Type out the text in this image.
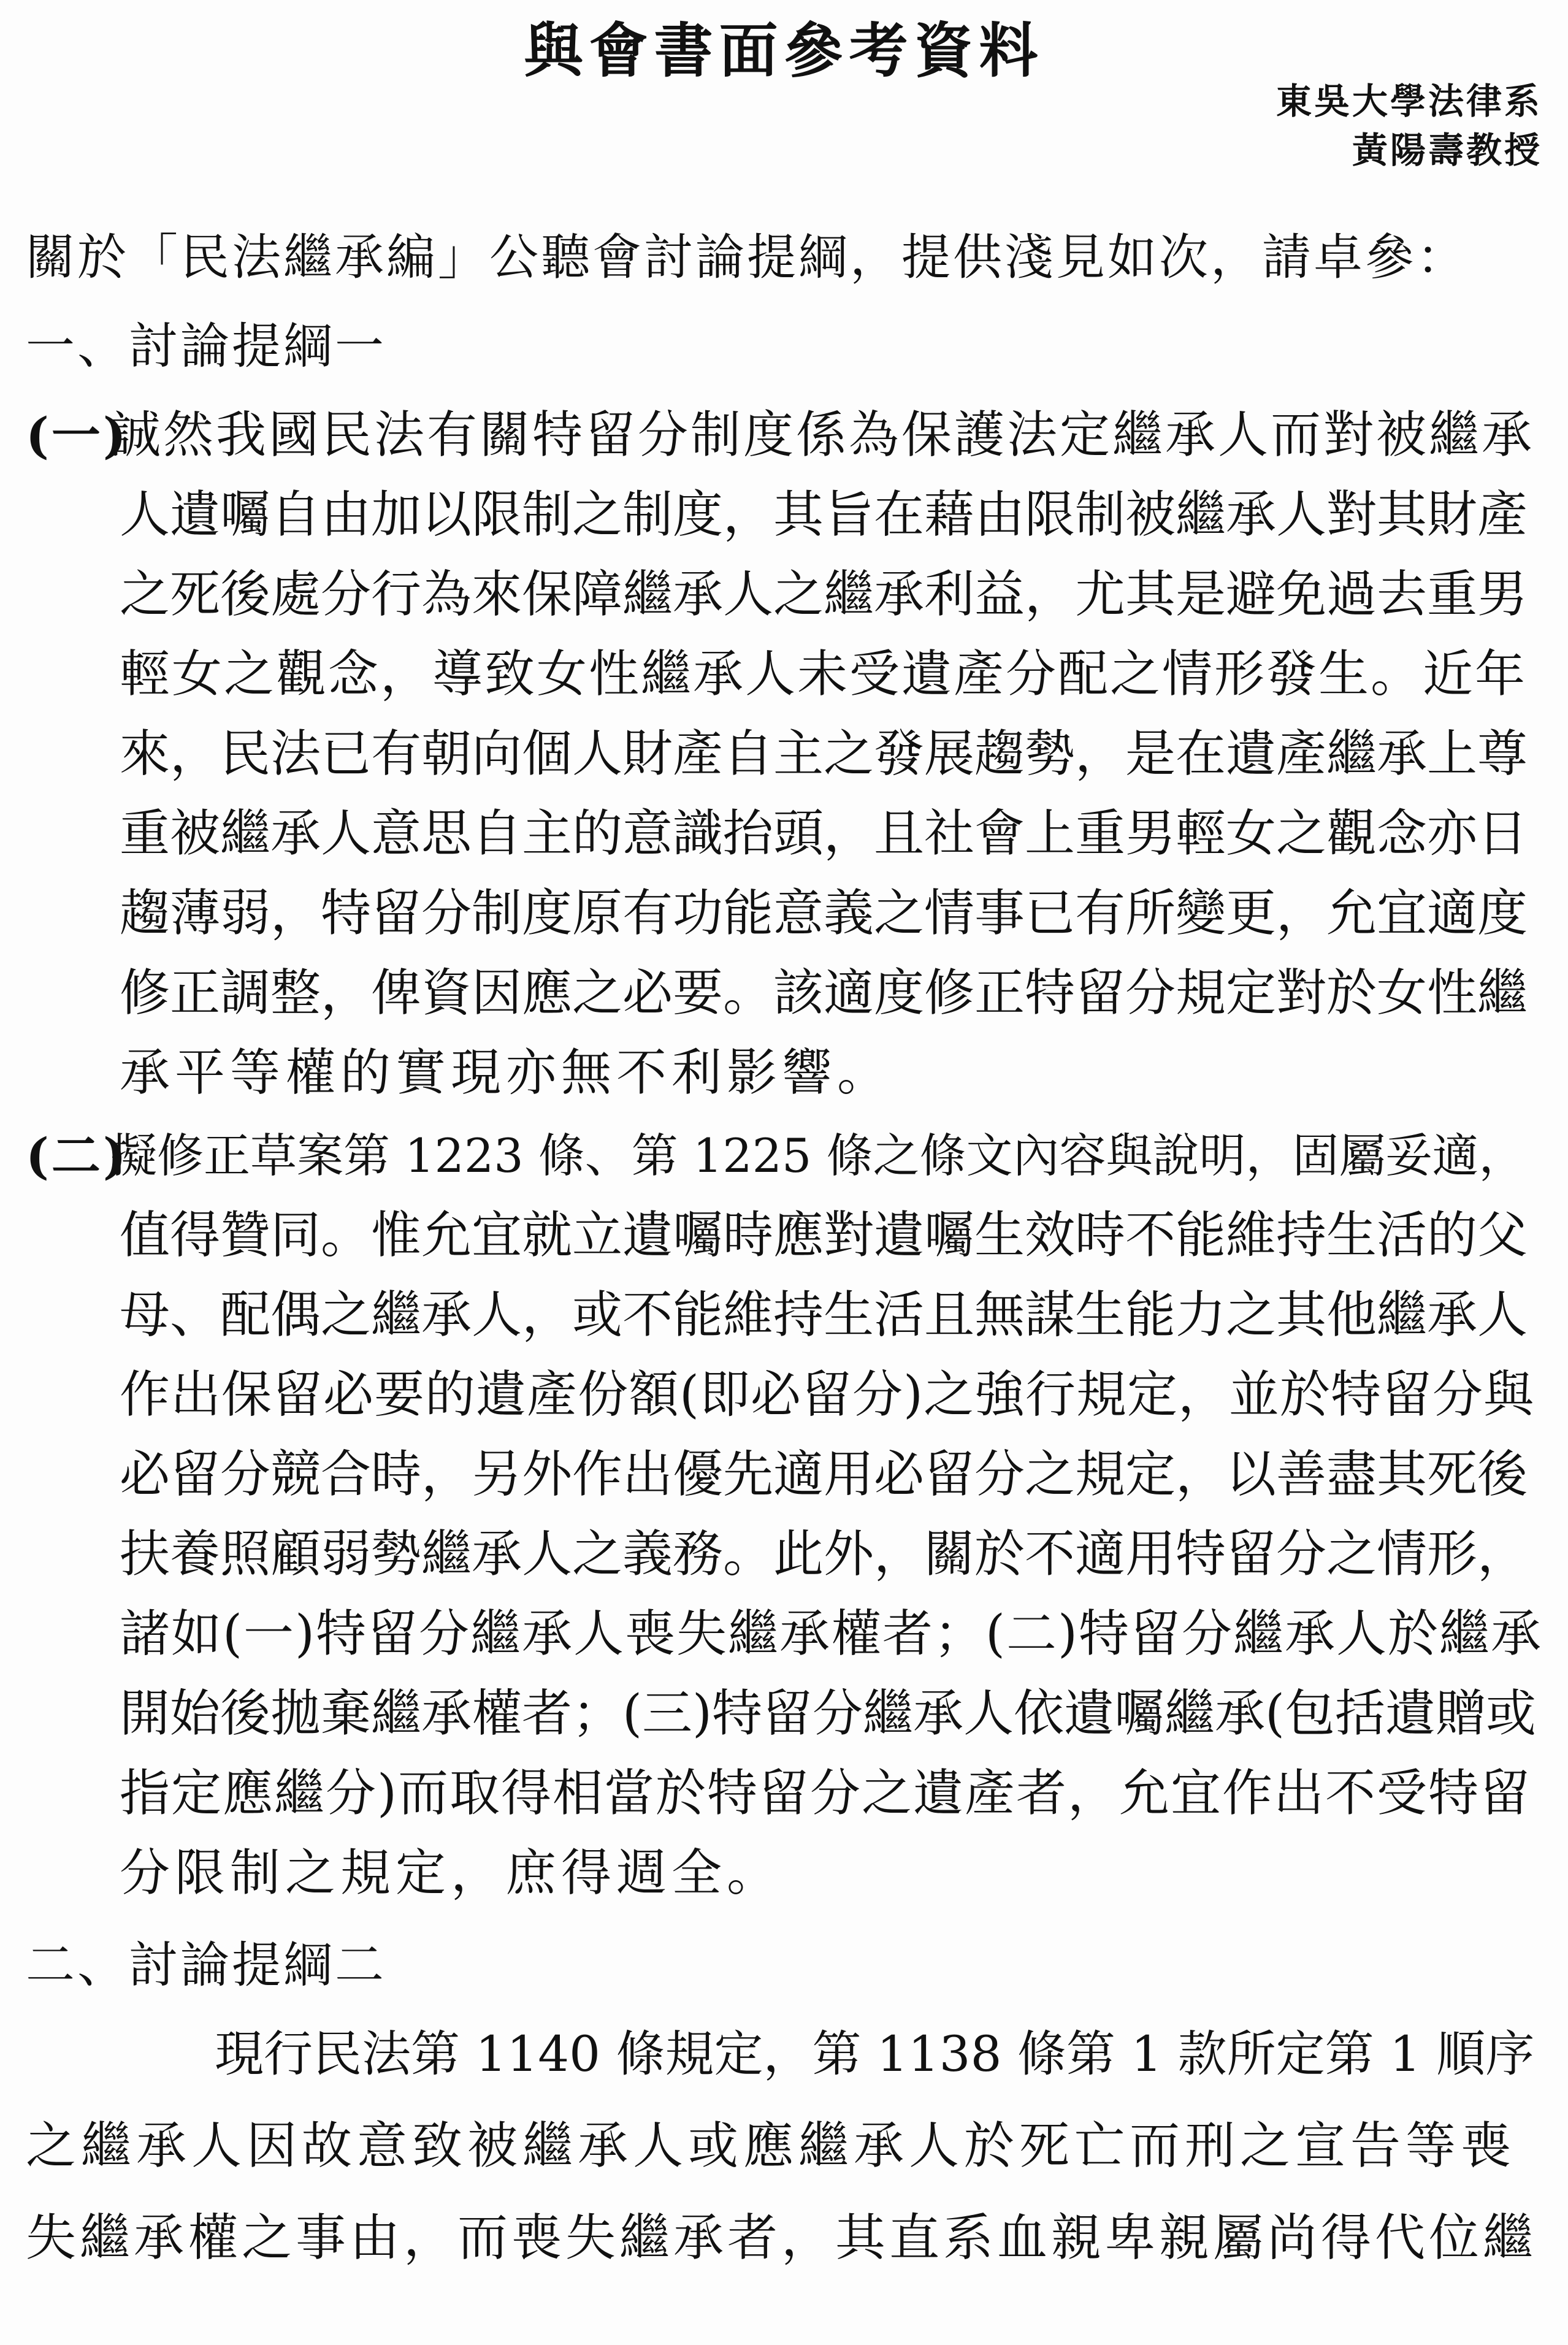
與會書面參考資料
東吳大學法律系
黃陽壽教授
關於「民法繼承編」公聽會討論提綱，提供淺見如次，請卓參：
一、討論提綱一
(一)
誠然我國民法有關特留分制度係為保護法定繼承人而對被繼承
人遺囑自由加以限制之制度，其旨在藉由限制被繼承人對其財產
之死後處分行為來保障繼承人之繼承利益，尤其是避免過去重男
輕女之觀念，導致女性繼承人未受遺產分配之情形發生。近年
來，民法已有朝向個人財產自主之發展趨勢，是在遺產繼承上尊
重被繼承人意思自主的意識抬頭，且社會上重男輕女之觀念亦日
趨薄弱，特留分制度原有功能意義之情事已有所變更，允宜適度
修正調整，俾資因應之必要。該適度修正特留分規定對於女性繼
承平等權的實現亦無不利影響。
(二)
擬修正草案第 1223 條、第 1225 條之條文內容與說明，固屬妥適，
值得贊同。惟允宜就立遺囑時應對遺囑生效時不能維持生活的父
母、配偶之繼承人，或不能維持生活且無謀生能力之其他繼承人
作出保留必要的遺產份額(即必留分)之強行規定，並於特留分與
必留分競合時，另外作出優先適用必留分之規定，以善盡其死後
扶養照顧弱勢繼承人之義務。此外，關於不適用特留分之情形，
諸如(一)特留分繼承人喪失繼承權者；(二)特留分繼承人於繼承
開始後拋棄繼承權者；(三)特留分繼承人依遺囑繼承(包括遺贈或
指定應繼分)而取得相當於特留分之遺產者，允宜作出不受特留
分限制之規定，庶得週全。
二、討論提綱二
現行民法第 1140 條規定，第 1138 條第 1 款所定第 1 順序
之繼承人因故意致被繼承人或應繼承人於死亡而刑之宣告等喪
失繼承權之事由，而喪失繼承者，其直系血親卑親屬尚得代位繼
